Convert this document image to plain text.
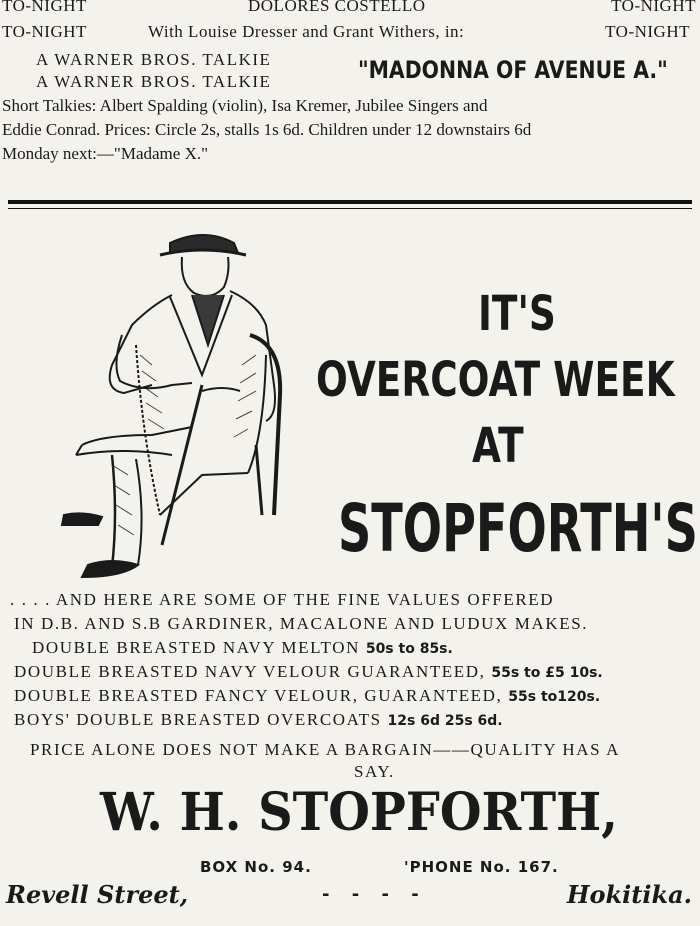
TO-NIGHT	DOLORES COSTELLO	TO-NIGHT
TO-NIGHT	With Louise Dresser and Grant Withers, in:	TO-NIGHT
A WARNER BROS. TALKIE
A WARNER BROS. TALKIE	"MADONNA OF AVENUE A."
Short Talkies: Albert Spalding (violin), Isa Kremer, Jubilee Singers and
Eddie Conrad. Prices: Circle 2s, stalls 1s 6d. Children under 12 downstairs 6d
Monday next:—"Madame X."
IT'S
OVERCOAT WEEK
AT
STOPFORTH'S
. . . . AND HERE ARE SOME OF THE FINE VALUES OFFERED
IN D.B. AND S.B GARDINER, MACALONE AND LUDUX MAKES.
DOUBLE BREASTED NAVY MELTON 50s to 85s.
DOUBLE BREASTED NAVY VELOUR GUARANTEED, 55s to £5 10s.
DOUBLE BREASTED FANCY VELOUR, GUARANTEED, 55s to120s.
BOYS' DOUBLE BREASTED OVERCOATS 12s 6d 25s 6d.
PRICE ALONE DOES NOT MAKE A BARGAIN——QUALITY HAS A
SAY.
W. H. STOPFORTH,
BOX No. 94.	'PHONE No. 167.
Revell Street,	- - - -	Hokitika.
